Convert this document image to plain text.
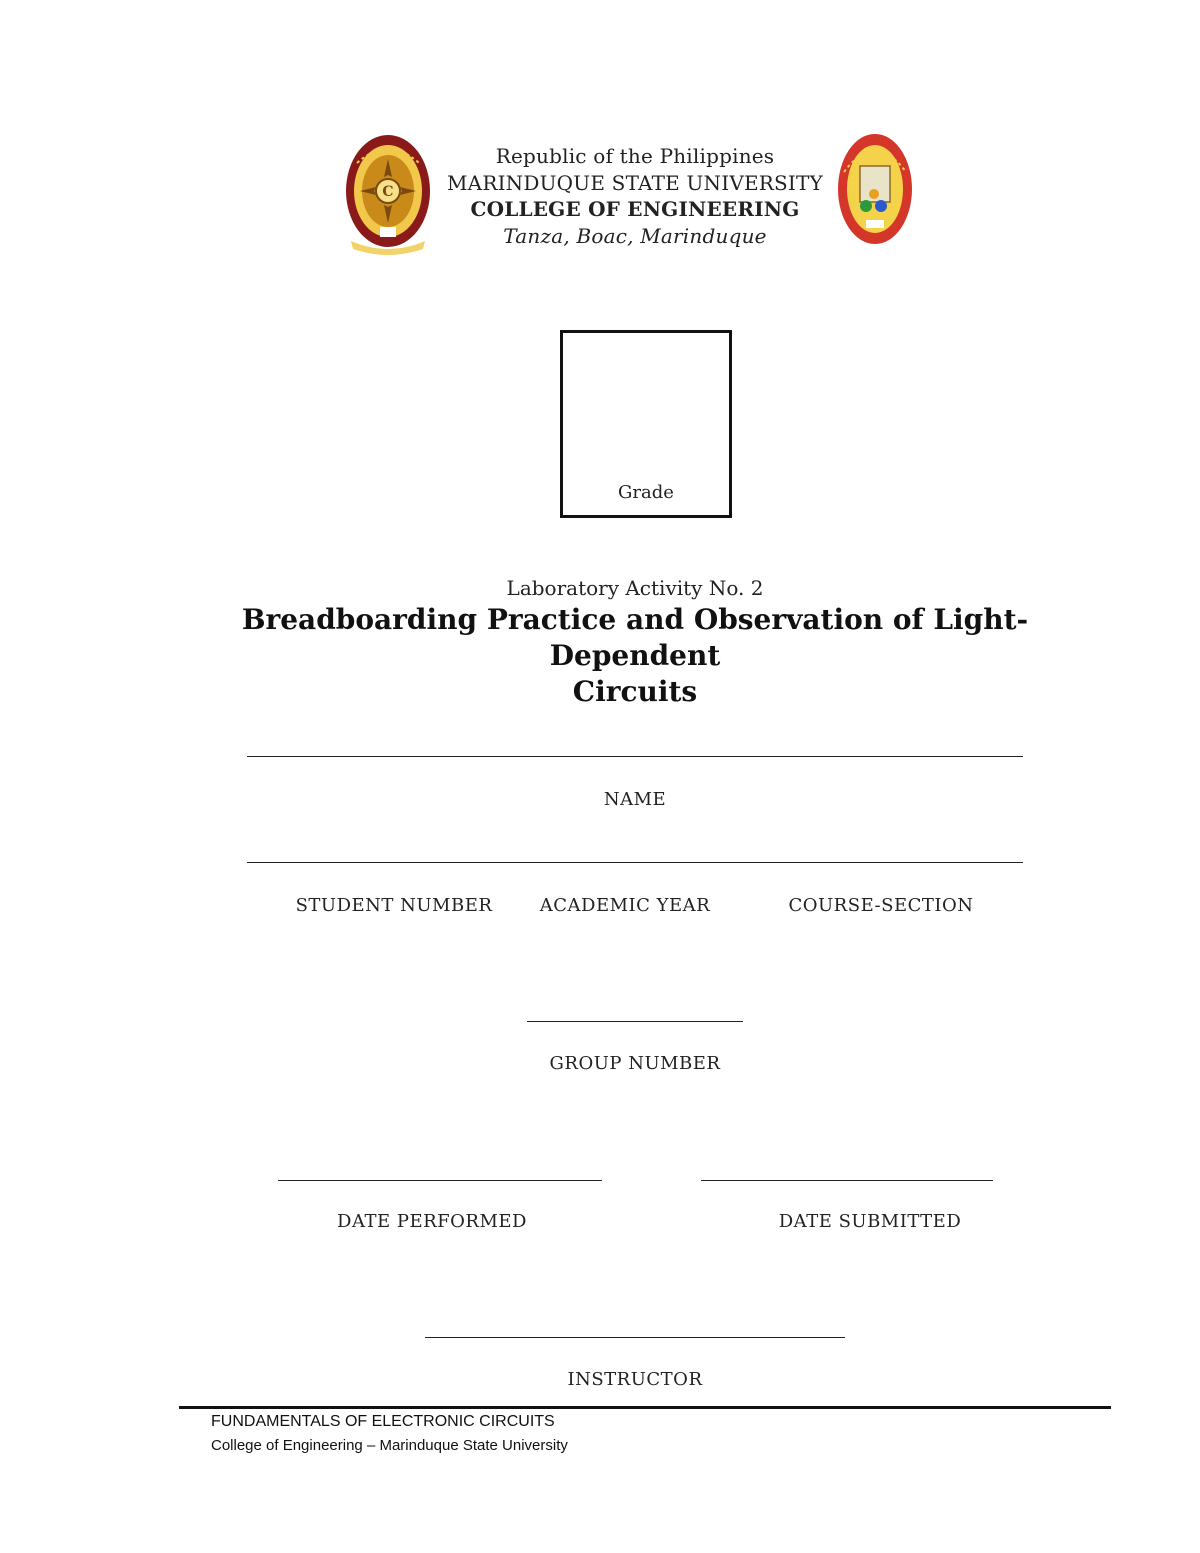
C
Republic of the Philippines
MARINDUQUE STATE UNIVERSITY
COLLEGE OF ENGINEERING
Tanza, Boac, Marinduque
Grade
Laboratory Activity No. 2
Breadboarding Practice and Observation of Light-Dependent
Circuits
NAME
STUDENT NUMBER	ACADEMIC YEAR	COURSE-SECTION
GROUP NUMBER
DATE PERFORMED	DATE SUBMITTED
INSTRUCTOR
FUNDAMENTALS OF ELECTRONIC CIRCUITS
College of Engineering – Marinduque State University
